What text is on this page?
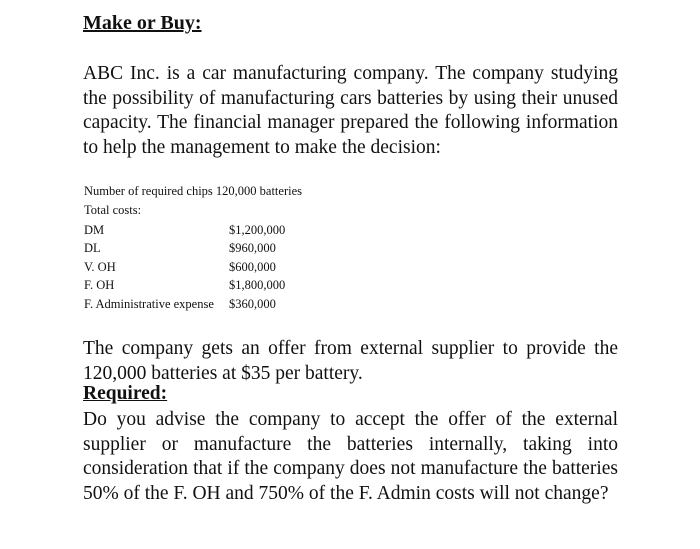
Make or Buy:

ABC Inc. is a car manufacturing company. The company studying the possibility of manufacturing cars batteries by using their unused capacity. The financial manager prepared the following information to help the management to make the decision:

Number of required chips 120,000 batteries
Total costs:
DM	$1,200,000
DL	$960,000
V. OH	$600,000
F. OH	$1,800,000
F. Administrative expense	$360,000

The company gets an offer from external supplier to provide the 120,000 batteries at $35 per battery.

Required:

Do you advise the company to accept the offer of the external supplier or manufacture the batteries internally, taking into consideration that if the company does not manufacture the batteries 50% of the F. OH and 750% of the F. Admin costs will not change?
